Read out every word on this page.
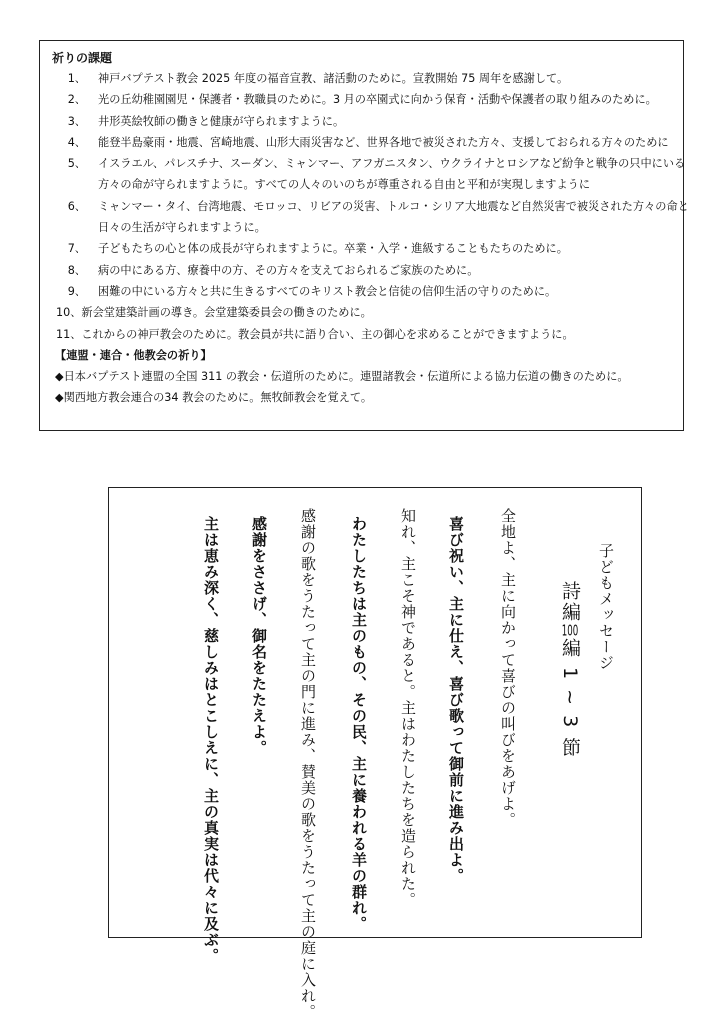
祈りの課題
1、	神戸バプテスト教会 2025 年度の福音宣教、諸活動のために。宣教開始 75 周年を感謝して。
2、	光の丘幼稚園園児・保護者・教職員のために。3 月の卒園式に向かう保育・活動や保護者の取り組みのために。
3、	井形英絵牧師の働きと健康が守られますように。
4、	能登半島豪雨・地震、宮崎地震、山形大雨災害など、世界各地で被災された方々、支援しておられる方々のために
5、	イスラエル、パレスチナ、スーダン、ミャンマー、アフガニスタン、ウクライナとロシアなど紛争と戦争の只中にいる
方々の命が守られますように。すべての人々のいのちが尊重される自由と平和が実現しますように
6、	ミャンマー・タイ、台湾地震、モロッコ、リビアの災害、トルコ・シリア大地震など自然災害で被災された方々の命と
日々の生活が守られますように。
7、	子どもたちの心と体の成長が守られますように。卒業・入学・進級することもたちのために。
8、	病の中にある方、療養中の方、その方々を支えておられるご家族のために。
9、	困難の中にいる方々と共に生きるすべてのキリスト教会と信徒の信仰生活の守りのために。
10、新会堂建築計画の導き。会堂建築委員会の働きのために。
11、これからの神戸教会のために。教会員が共に語り合い、主の御心を求めることができますように。
【連盟・連合・他教会の祈り】
◆日本バプテスト連盟の全国 311 の教会・伝道所のために。連盟諸教会・伝道所による協力伝道の働きのために。
◆関西地方教会連合の34 教会のために。無牧師教会を覚えて。
子どもメッセージ
詩編100編 1 ~ 3 節
全地よ、主に向かって喜びの叫びをあげよ。
喜び祝い、主に仕え、喜び歌って御前に進み出よ。
知れ、主こそ神であると。主はわたしたちを造られた。
わたしたちは主のもの、その民、主に養われる羊の群れ。
感謝の歌をうたって主の門に進み、賛美の歌をうたって主の庭に入れ。
感謝をささげ、御名をたたえよ。
主は恵み深く、慈しみはとこしえに、主の真実は代々に及ぶ。
